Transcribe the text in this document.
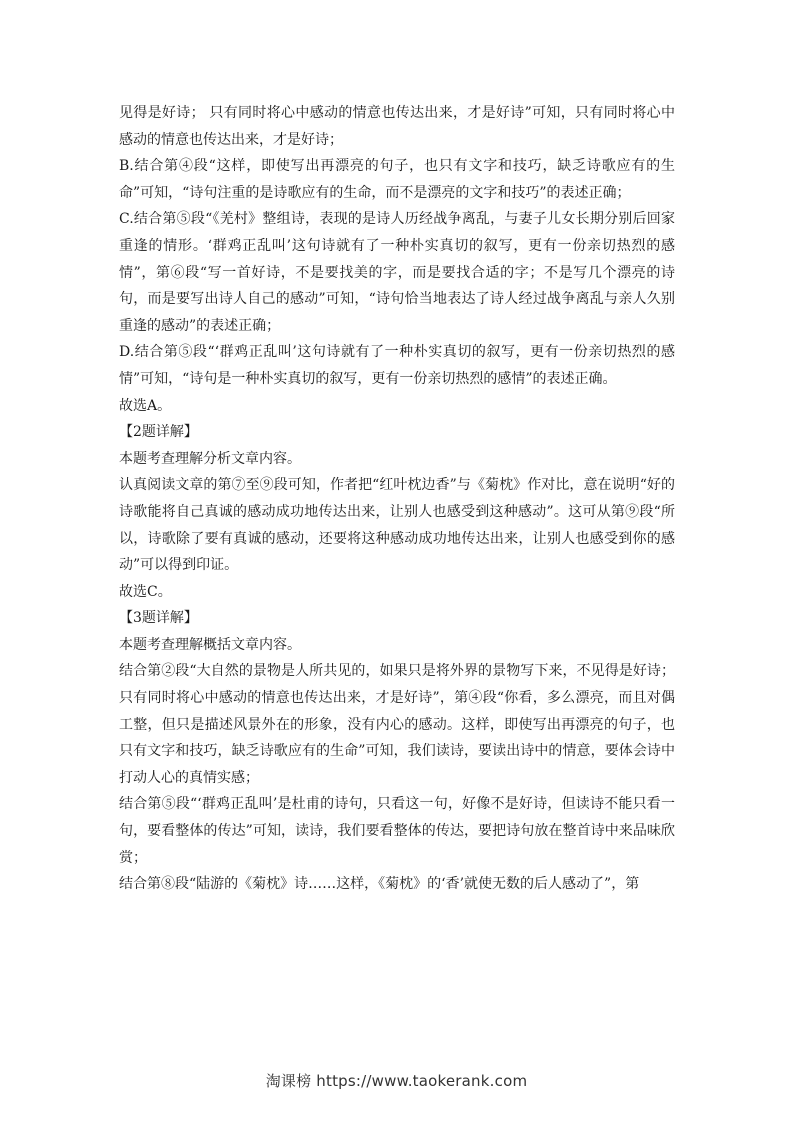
见得是好诗； 只有同时将心中感动的情意也传达出来，才是好诗”可知，只有同时将心中感动的情意也传达出来，才是好诗；

B.结合第④段“这样，即使写出再漂亮的句子，也只有文字和技巧，缺乏诗歌应有的生命”可知，“诗句注重的是诗歌应有的生命，而不是漂亮的文字和技巧”的表述正确；

C.结合第⑤段“《羌村》整组诗，表现的是诗人历经战争离乱，与妻子儿女长期分别后回家重逢的情形。‘群鸡正乱叫’这句诗就有了一种朴实真切的叙写，更有一份亲切热烈的感情”，第⑥段“写一首好诗，不是要找美的字，而是要找合适的字；不是写几个漂亮的诗句，而是要写出诗人自己的感动”可知，“诗句恰当地表达了诗人经过战争离乱与亲人久别重逢的感动”的表述正确；

D.结合第⑤段“‘群鸡正乱叫’这句诗就有了一种朴实真切的叙写，更有一份亲切热烈的感情”可知，“诗句是一种朴实真切的叙写，更有一份亲切热烈的感情”的表述正确。

故选A。

【2题详解】

本题考查理解分析文章内容。

认真阅读文章的第⑦至⑨段可知，作者把“红叶枕边香”与《菊枕》作对比，意在说明“好的诗歌能将自己真诚的感动成功地传达出来，让别人也感受到这种感动”。这可从第⑨段“所以，诗歌除了要有真诚的感动，还要将这种感动成功地传达出来，让别人也感受到你的感动”可以得到印证。

故选C。

【3题详解】

本题考查理解概括文章内容。

结合第②段“大自然的景物是人所共见的，如果只是将外界的景物写下来，不见得是好诗；只有同时将心中感动的情意也传达出来，才是好诗”，第④段“你看，多么漂亮，而且对偶工整，但只是描述风景外在的形象，没有内心的感动。这样，即使写出再漂亮的句子，也只有文字和技巧，缺乏诗歌应有的生命”可知，我们读诗，要读出诗中的情意，要体会诗中打动人心的真情实感；

结合第⑤段“‘群鸡正乱叫’是杜甫的诗句，只看这一句，好像不是好诗，但读诗不能只看一句，要看整体的传达”可知，读诗，我们要看整体的传达，要把诗句放在整首诗中来品味欣赏；

结合第⑧段“陆游的《菊枕》诗……这样，《菊枕》的‘香’就使无数的后人感动了”，第

淘课榜 https://www.taokerank.com
